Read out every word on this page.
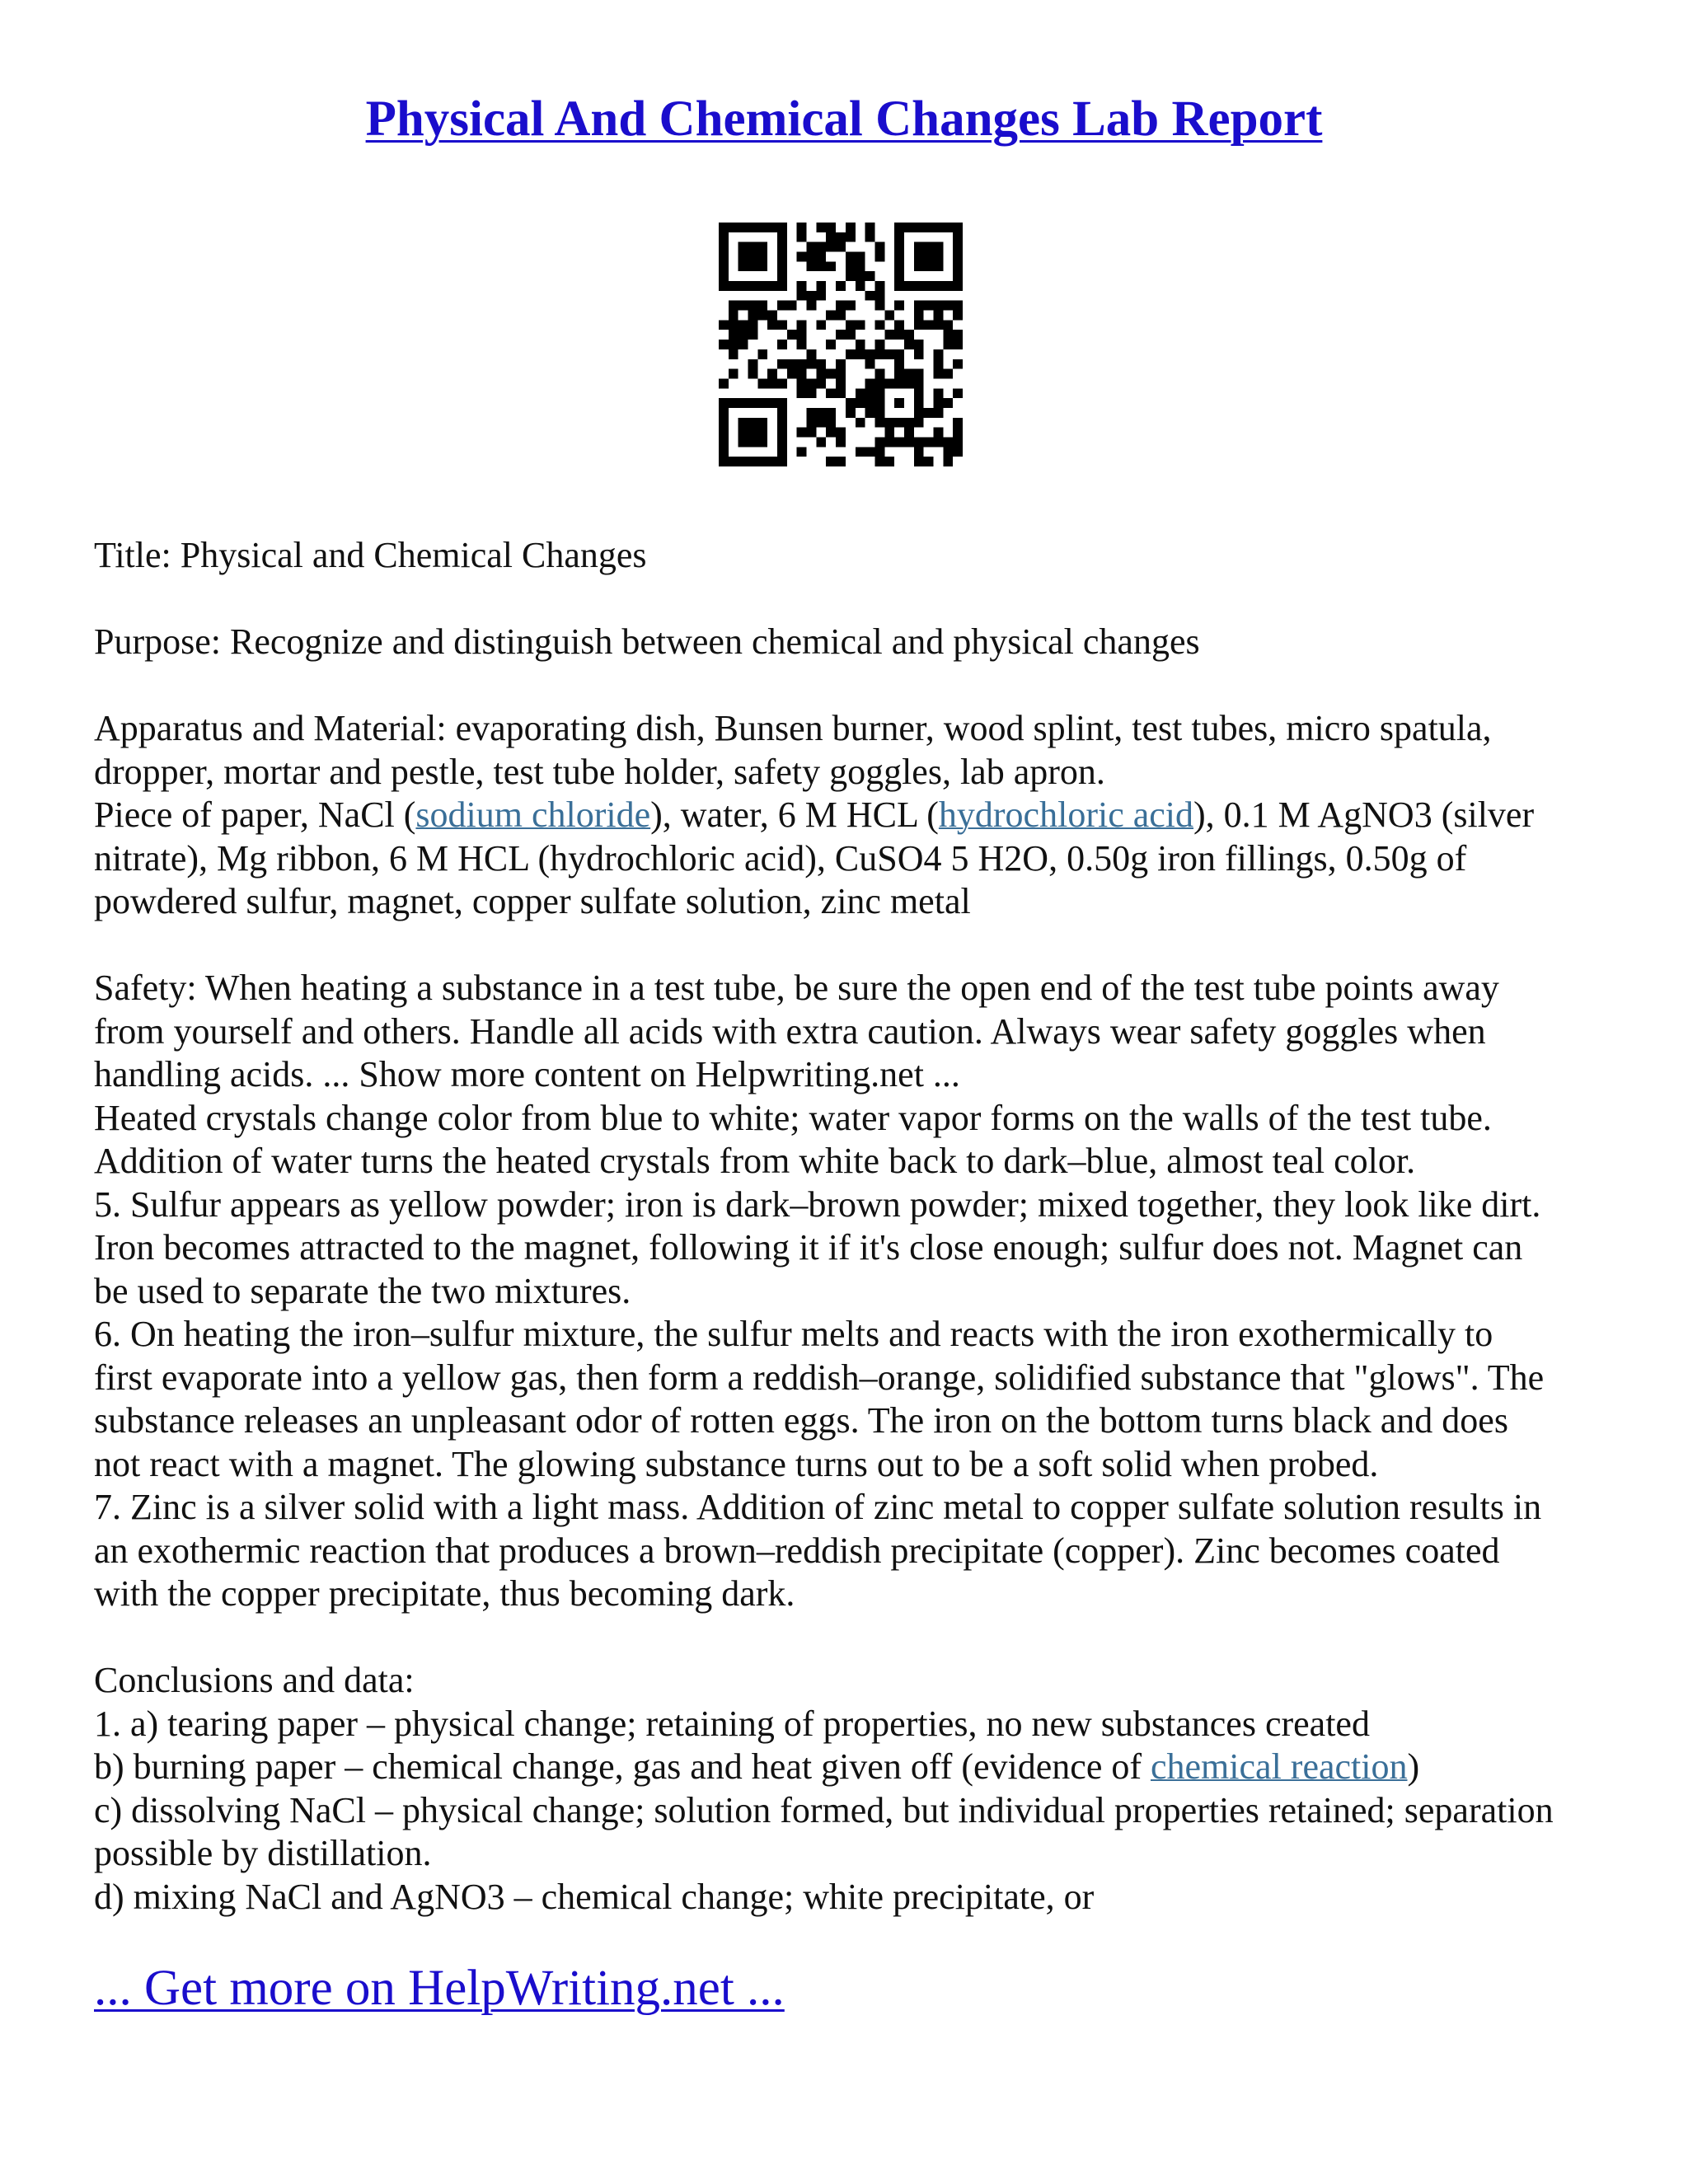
Physical And Chemical Changes Lab Report

Title: Physical and Chemical Changes

Purpose: Recognize and distinguish between chemical and physical changes

Apparatus and Material: evaporating dish, Bunsen burner, wood splint, test tubes, micro spatula,
dropper, mortar and pestle, test tube holder, safety goggles, lab apron.
Piece of paper, NaCl (sodium chloride), water, 6 M HCL (hydrochloric acid), 0.1 M AgNO3 (silver
nitrate), Mg ribbon, 6 M HCL (hydrochloric acid), CuSO4 5 H2O, 0.50g iron fillings, 0.50g of
powdered sulfur, magnet, copper sulfate solution, zinc metal

Safety: When heating a substance in a test tube, be sure the open end of the test tube points away
from yourself and others. Handle all acids with extra caution. Always wear safety goggles when
handling acids. ... Show more content on Helpwriting.net ...
Heated crystals change color from blue to white; water vapor forms on the walls of the test tube.
Addition of water turns the heated crystals from white back to dark–blue, almost teal color.
5. Sulfur appears as yellow powder; iron is dark–brown powder; mixed together, they look like dirt.
Iron becomes attracted to the magnet, following it if it's close enough; sulfur does not. Magnet can
be used to separate the two mixtures.
6. On heating the iron–sulfur mixture, the sulfur melts and reacts with the iron exothermically to
first evaporate into a yellow gas, then form a reddish–orange, solidified substance that "glows". The
substance releases an unpleasant odor of rotten eggs. The iron on the bottom turns black and does
not react with a magnet. The glowing substance turns out to be a soft solid when probed.
7. Zinc is a silver solid with a light mass. Addition of zinc metal to copper sulfate solution results in
an exothermic reaction that produces a brown–reddish precipitate (copper). Zinc becomes coated
with the copper precipitate, thus becoming dark.

Conclusions and data:
1. a) tearing paper – physical change; retaining of properties, no new substances created
b) burning paper – chemical change, gas and heat given off (evidence of chemical reaction)
c) dissolving NaCl – physical change; solution formed, but individual properties retained; separation
possible by distillation.
d) mixing NaCl and AgNO3 – chemical change; white precipitate, or

... Get more on HelpWriting.net ...
